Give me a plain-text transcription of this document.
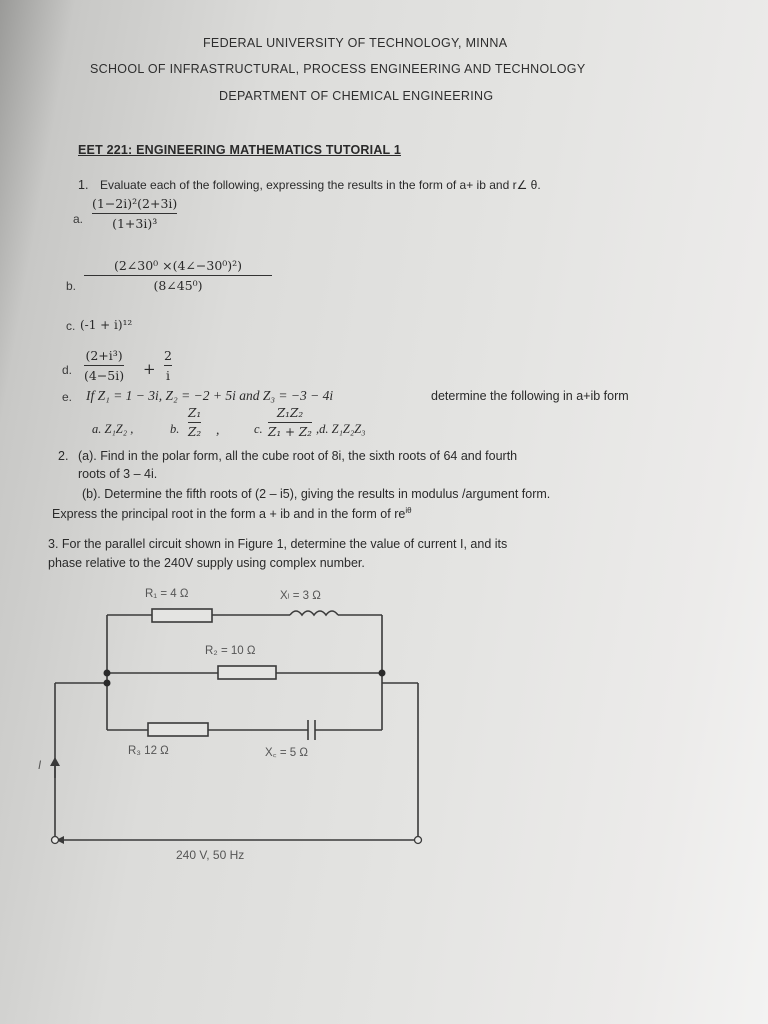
FEDERAL UNIVERSITY OF TECHNOLOGY, MINNA
SCHOOL OF INFRASTRUCTURAL, PROCESS ENGINEERING AND TECHNOLOGY
DEPARTMENT OF CHEMICAL ENGINEERING
EET 221: ENGINEERING MATHEMATICS TUTORIAL 1
1. Evaluate each of the following, expressing the results in the form of a+ ib and r∠ θ.
a.
(1−2i)²(2+3i)
(1+3i)³
b.
(2∠30⁰ ×(4∠−30⁰)²)
(8∠45⁰)
c. (-1 + i)¹²
d.
(2+i³)
(4−5i) +
2
i
e. If Z₁ = 1 − 3i, Z₂ = −2 + 5i and Z₃ = −3 − 4i	determine the following in a+ib form
a. Z₁Z₂ ,	b.
Z₁
Z₂ ,	c.
Z₁Z₂
Z₁ + Z₂ ,d. Z₁Z₂Z₃
2. (a). Find in the polar form, all the cube root of 8i, the sixth roots of 64 and fourth
roots of 3 – 4i.
(b). Determine the fifth roots of (2 – i5), giving the results in modulus /argument form.
Express the principal root in the form a + ib and in the form of $re^{i\theta}$
3. For the parallel circuit shown in Figure 1, determine the value of current I, and its
phase relative to the 240V supply using complex number.
R₁ = 4 Ω	Xₗ = 3 Ω
R₂ = 10 Ω
R₃ 12 Ω	X꜀ = 5 Ω
I
240 V, 50 Hz
